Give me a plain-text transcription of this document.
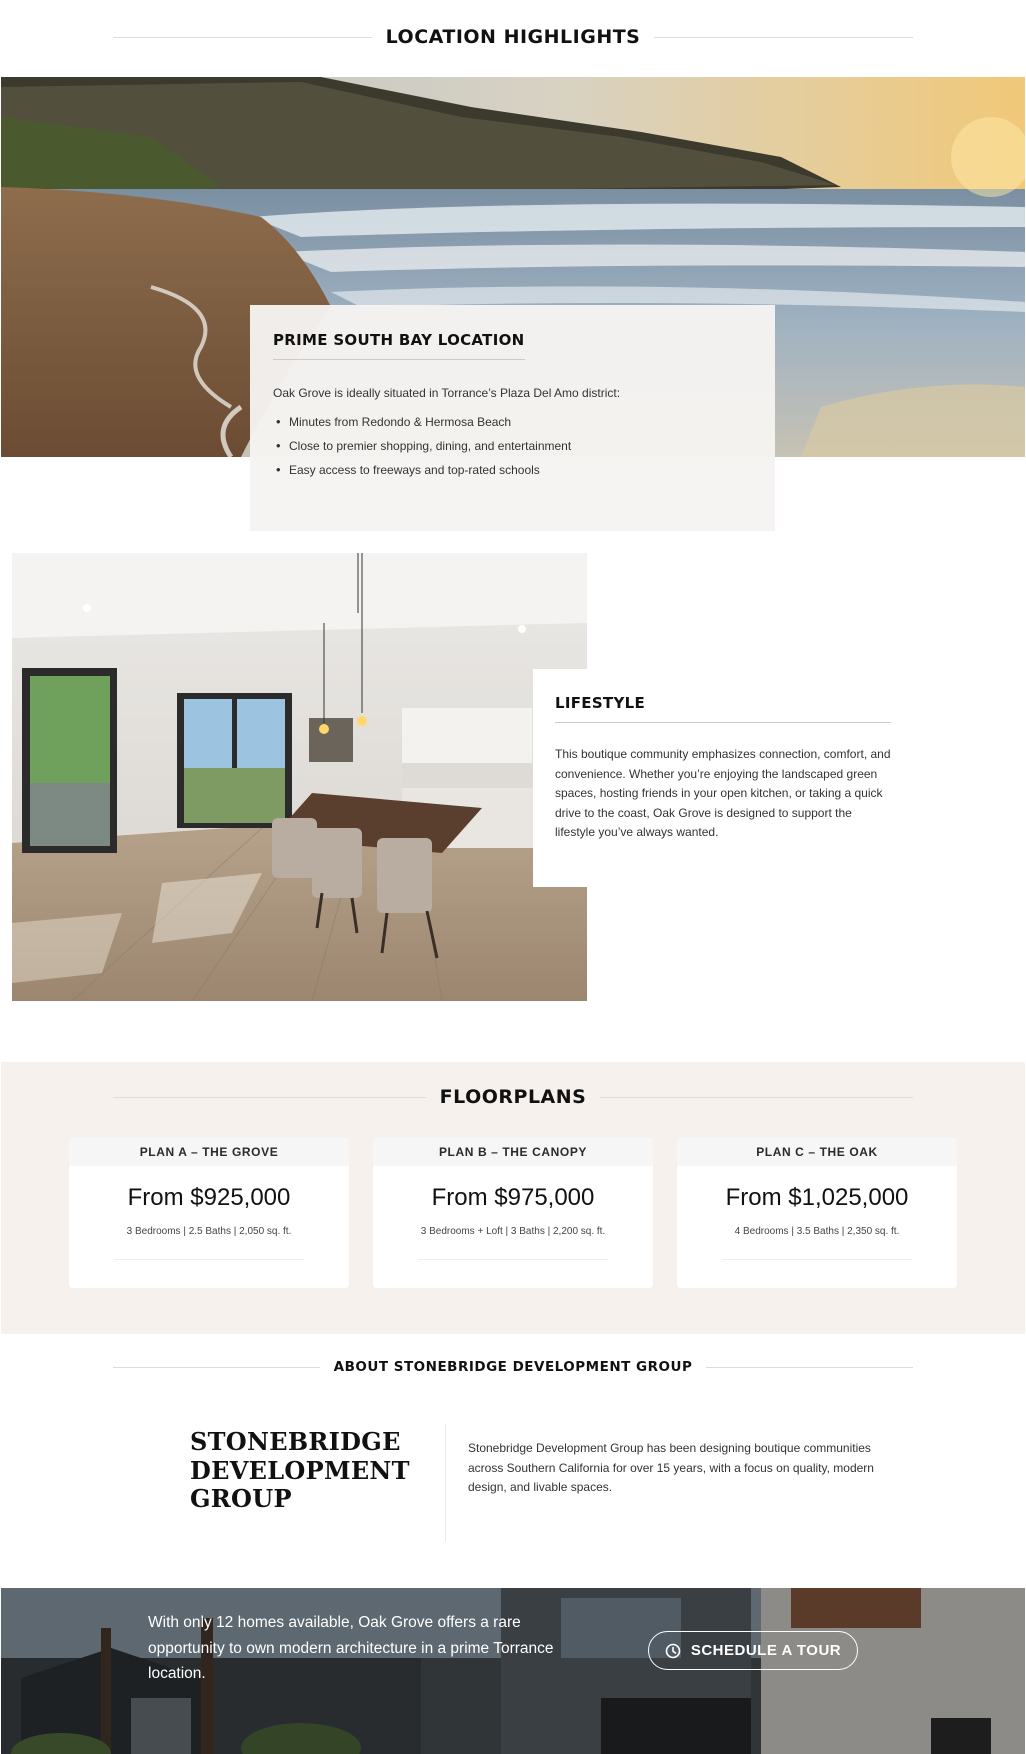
LOCATION HIGHLIGHTS
PRIME SOUTH BAY LOCATION

Oak Grove is ideally situated in Torrance’s Plaza Del Amo district:

• Minutes from Redondo & Hermosa Beach
• Close to premier shopping, dining, and entertainment
• Easy access to freeways and top-rated schools
LIFESTYLE

This boutique community emphasizes connection, comfort, and convenience. Whether you’re enjoying the landscaped green spaces, hosting friends in your open kitchen, or taking a quick drive to the coast, Oak Grove is designed to support the lifestyle you’ve always wanted.

FLOORPLANS
PLAN A – THE GROVE
From $925,000
3 Bedrooms | 2.5 Baths | 2,050 sq. ft.
PLAN B – THE CANOPY
From $975,000
3 Bedrooms + Loft | 3 Baths | 2,200 sq. ft.
PLAN C – THE OAK
From $1,025,000
4 Bedrooms | 3.5 Baths | 2,350 sq. ft.
ABOUT STONEBRIDGE DEVELOPMENT GROUP
STONEBRIDGE
DEVELOPMENT
GROUP

Stonebridge Development Group has been designing boutique communities across Southern California for over 15 years, with a focus on quality, modern design, and livable spaces.

With only 12 homes available, Oak Grove offers a rare opportunity to own modern architecture in a prime Torrance location.

SCHEDULE A TOUR
